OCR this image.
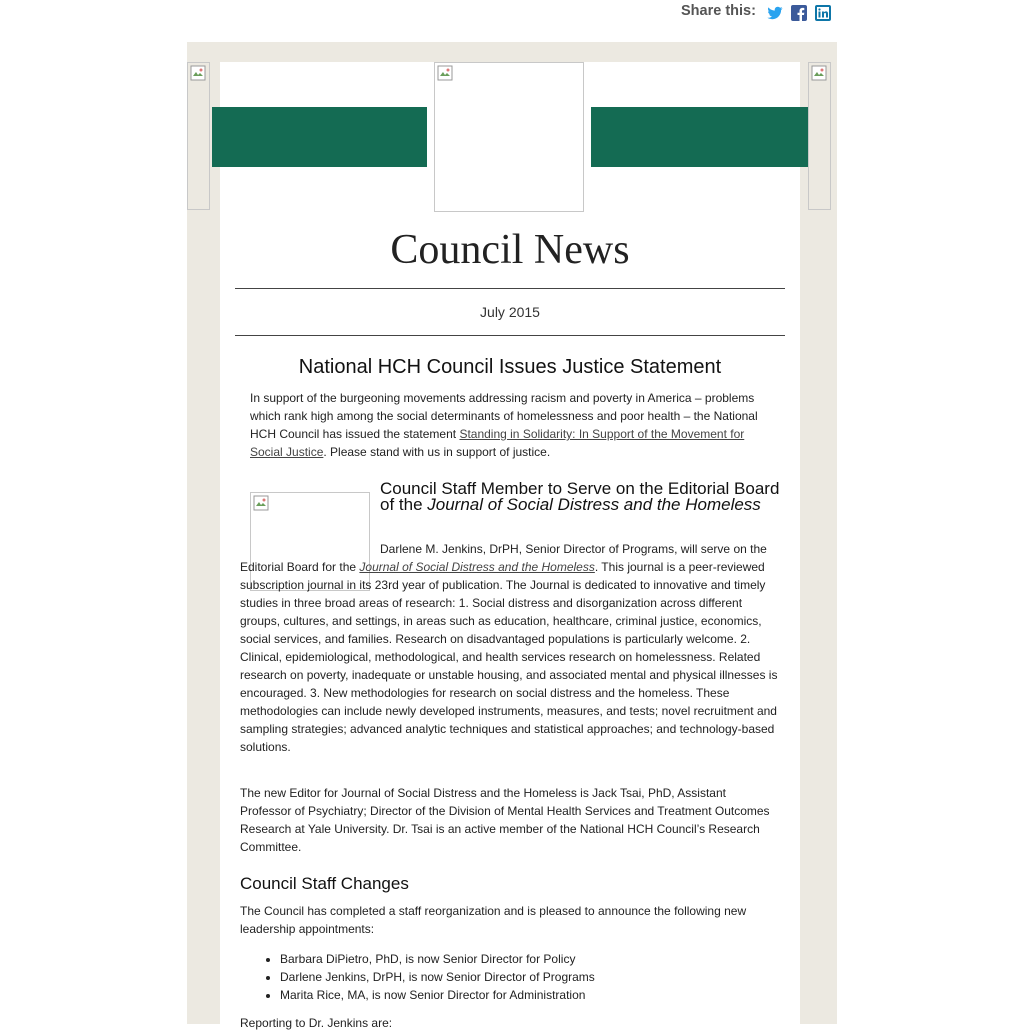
Share this:
Council News
July 2015
National HCH Council Issues Justice Statement

In support of the burgeoning movements addressing racism and poverty in America – problems which rank high among the social determinants of homelessness and poor health – the National HCH Council has issued the statement Standing in Solidarity: In Support of the Movement for Social Justice. Please stand with us in support of justice.

Council Staff Member to Serve on the Editorial Board of the Journal of Social Distress and the Homeless

Darlene M. Jenkins, DrPH, Senior Director of Programs, will serve on the Editorial Board for the Journal of Social Distress and the Homeless. This journal is a peer-reviewed subscription journal in its 23rd year of publication. The Journal is dedicated to innovative and timely studies in three broad areas of research: 1. Social distress and disorganization across different groups, cultures, and settings, in areas such as education, healthcare, criminal justice, economics, social services, and families. Research on disadvantaged populations is particularly welcome. 2. Clinical, epidemiological, methodological, and health services research on homelessness. Related research on poverty, inadequate or unstable housing, and associated mental and physical illnesses is encouraged. 3. New methodologies for research on social distress and the homeless. These methodologies can include newly developed instruments, measures, and tests; novel recruitment and sampling strategies; advanced analytic techniques and statistical approaches; and technology-based solutions.

The new Editor for Journal of Social Distress and the Homeless is Jack Tsai, PhD, Assistant Professor of Psychiatry; Director of the Division of Mental Health Services and Treatment Outcomes Research at Yale University. Dr. Tsai is an active member of the National HCH Council’s Research Committee.

Council Staff Changes

The Council has completed a staff reorganization and is pleased to announce the following new leadership appointments:

• Barbara DiPietro, PhD, is now Senior Director for Policy
• Darlene Jenkins, DrPH, is now Senior Director of Programs
• Marita Rice, MA, is now Senior Director for Administration

Reporting to Dr. Jenkins are:
